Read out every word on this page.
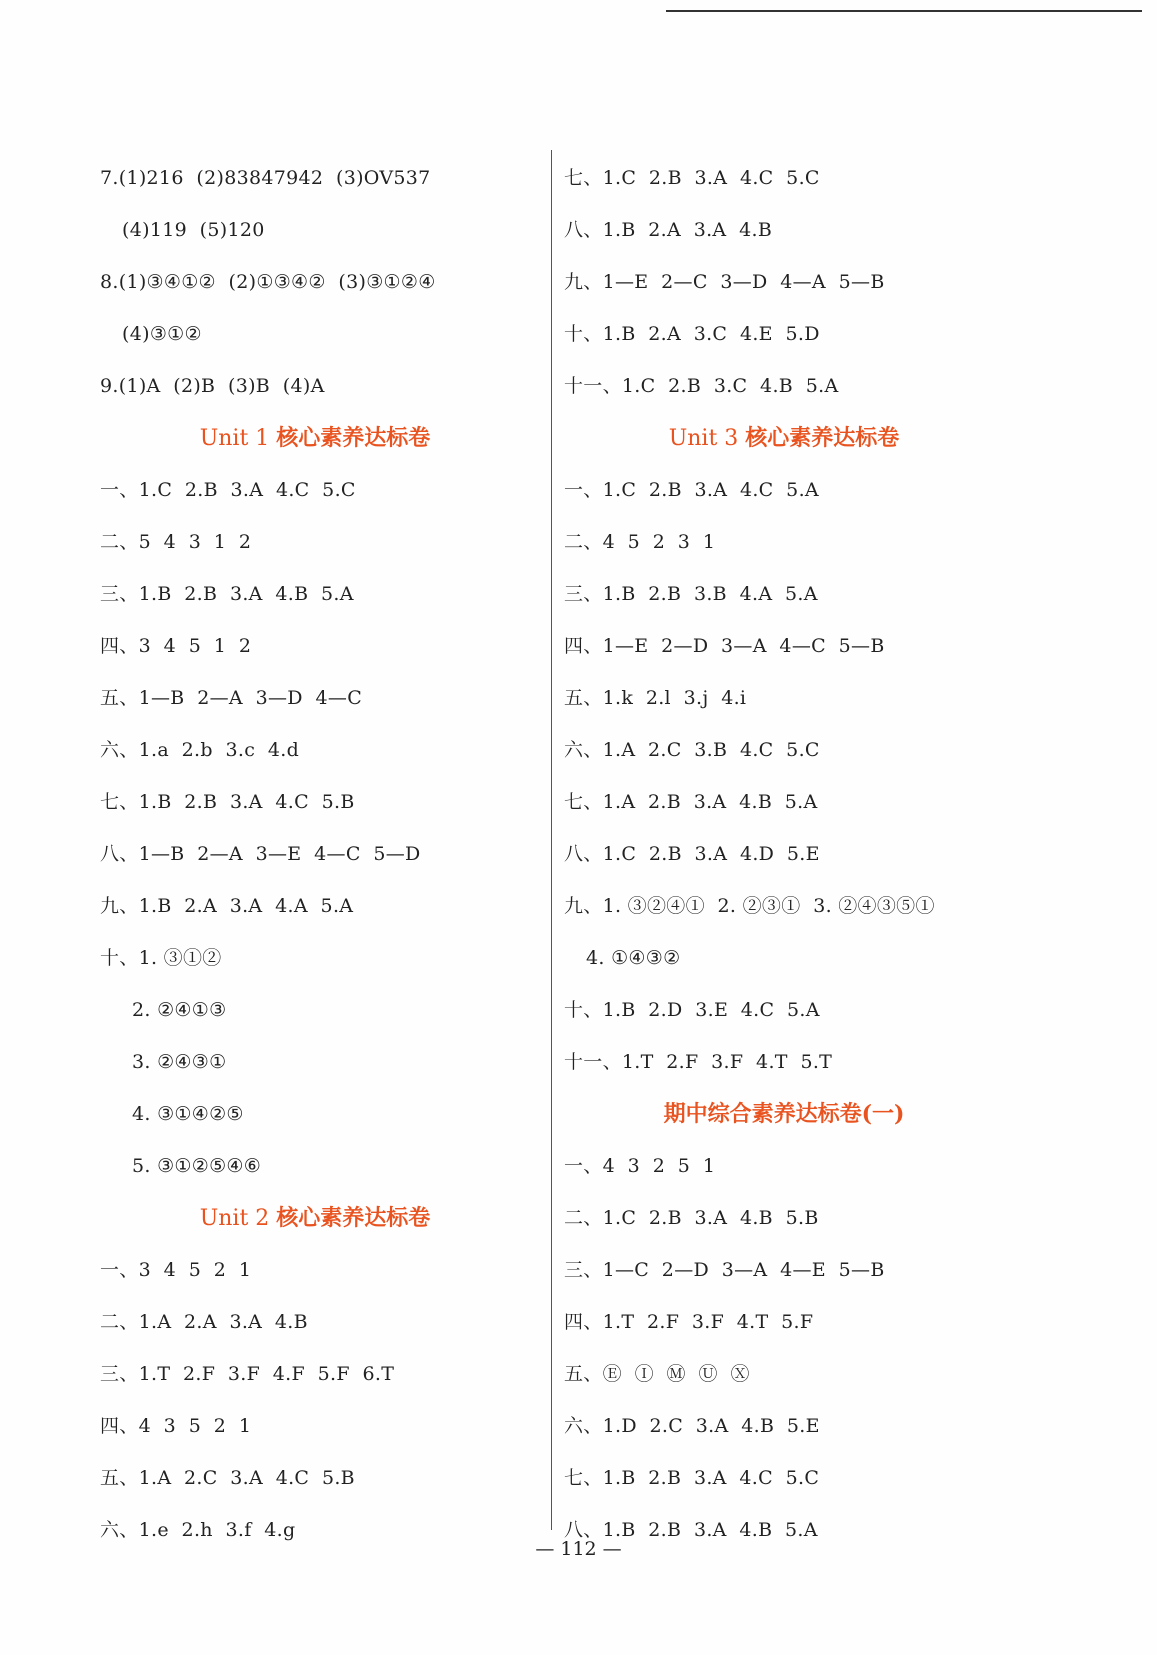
7.(1)216  (2)83847942  (3)OV537
(4)119  (5)120
8.(1)③④①②  (2)①③④②  (3)③①②④
(4)③①②
9.(1)A  (2)B  (3)B  (4)A
Unit 1 核心素养达标卷
一、1.C  2.B  3.A  4.C  5.C
二、5  4  3  1  2
三、1.B  2.B  3.A  4.B  5.A
四、3  4  5  1  2
五、1—B  2—A  3—D  4—C
六、1.a  2.b  3.c  4.d
七、1.B  2.B  3.A  4.C  5.B
八、1—B  2—A  3—E  4—C  5—D
九、1.B  2.A  3.A  4.A  5.A
十、1. ③①②
2. ②④①③
3. ②④③①
4. ③①④②⑤
5. ③①②⑤④⑥
Unit 2 核心素养达标卷
一、3  4  5  2  1
二、1.A  2.A  3.A  4.B
三、1.T  2.F  3.F  4.F  5.F  6.T
四、4  3  5  2  1
五、1.A  2.C  3.A  4.C  5.B
六、1.e  2.h  3.f  4.g
七、1.C  2.B  3.A  4.C  5.C
八、1.B  2.A  3.A  4.B
九、1—E  2—C  3—D  4—A  5—B
十、1.B  2.A  3.C  4.E  5.D
十一、1.C  2.B  3.C  4.B  5.A
Unit 3 核心素养达标卷
一、1.C  2.B  3.A  4.C  5.A
二、4  5  2  3  1
三、1.B  2.B  3.B  4.A  5.A
四、1—E  2—D  3—A  4—C  5—B
五、1.k  2.l  3.j  4.i
六、1.A  2.C  3.B  4.C  5.C
七、1.A  2.B  3.A  4.B  5.A
八、1.C  2.B  3.A  4.D  5.E
九、1. ③②④①  2. ②③①  3. ②④③⑤①
4. ①④③②
十、1.B  2.D  3.E  4.C  5.A
十一、1.T  2.F  3.F  4.T  5.T
期中综合素养达标卷(一)
一、4  3  2  5  1
二、1.C  2.B  3.A  4.B  5.B
三、1—C  2—D  3—A  4—E  5—B
四、1.T  2.F  3.F  4.T  5.F
五、Ⓔ  Ⓘ  Ⓜ  Ⓤ  Ⓧ
六、1.D  2.C  3.A  4.B  5.E
七、1.B  2.B  3.A  4.C  5.C
八、1.B  2.B  3.A  4.B  5.A
— 112 —
